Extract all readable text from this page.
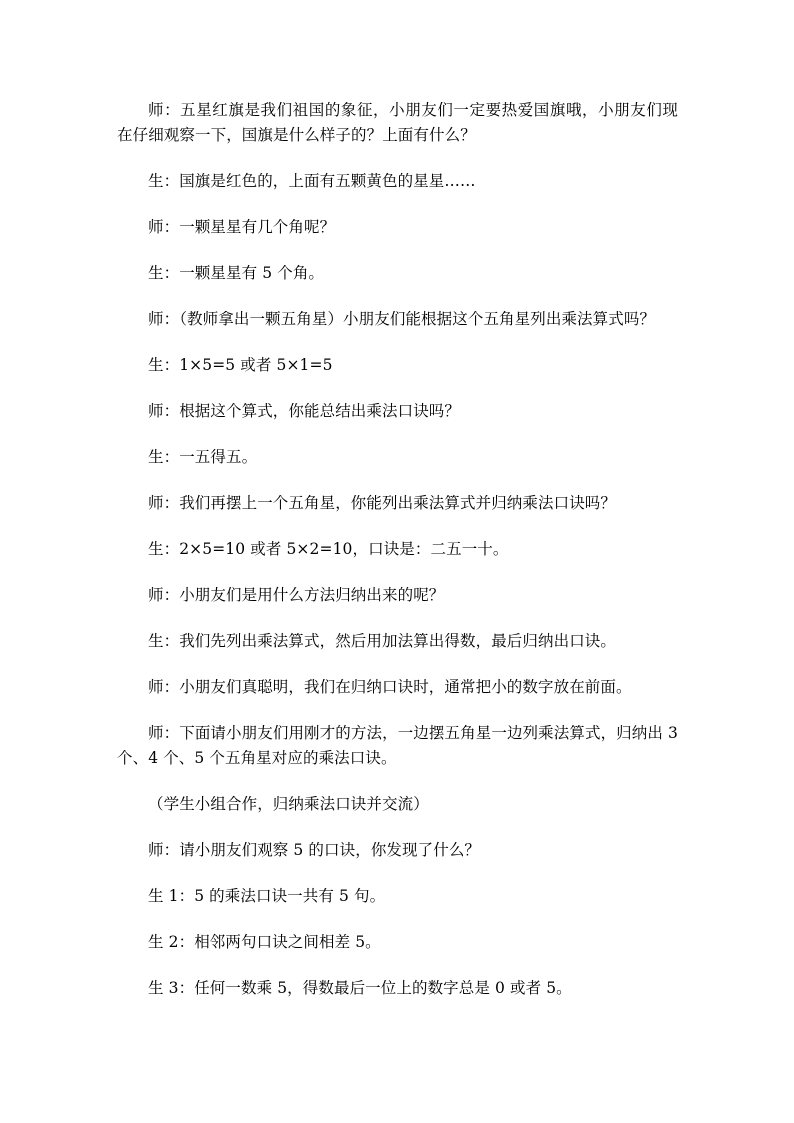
师：五星红旗是我们祖国的象征，小朋友们一定要热爱国旗哦，小朋友们现在仔细观察一下，国旗是什么样子的？上面有什么？

生：国旗是红色的，上面有五颗黄色的星星……

师：一颗星星有几个角呢？

生：一颗星星有 5 个角。

师：（教师拿出一颗五角星）小朋友们能根据这个五角星列出乘法算式吗？

生：1×5=5 或者 5×1=5

师：根据这个算式，你能总结出乘法口诀吗？

生：一五得五。

师：我们再摆上一个五角星，你能列出乘法算式并归纳乘法口诀吗？

生：2×5=10 或者 5×2=10，口诀是：二五一十。

师：小朋友们是用什么方法归纳出来的呢？

生：我们先列出乘法算式，然后用加法算出得数，最后归纳出口诀。

师：小朋友们真聪明，我们在归纳口诀时，通常把小的数字放在前面。

师：下面请小朋友们用刚才的方法，一边摆五角星一边列乘法算式，归纳出 3 个、4 个、5 个五角星对应的乘法口诀。

（学生小组合作，归纳乘法口诀并交流）

师：请小朋友们观察 5 的口诀，你发现了什么？

生 1：5 的乘法口诀一共有 5 句。

生 2：相邻两句口诀之间相差 5。

生 3：任何一数乘 5，得数最后一位上的数字总是 0 或者 5。
